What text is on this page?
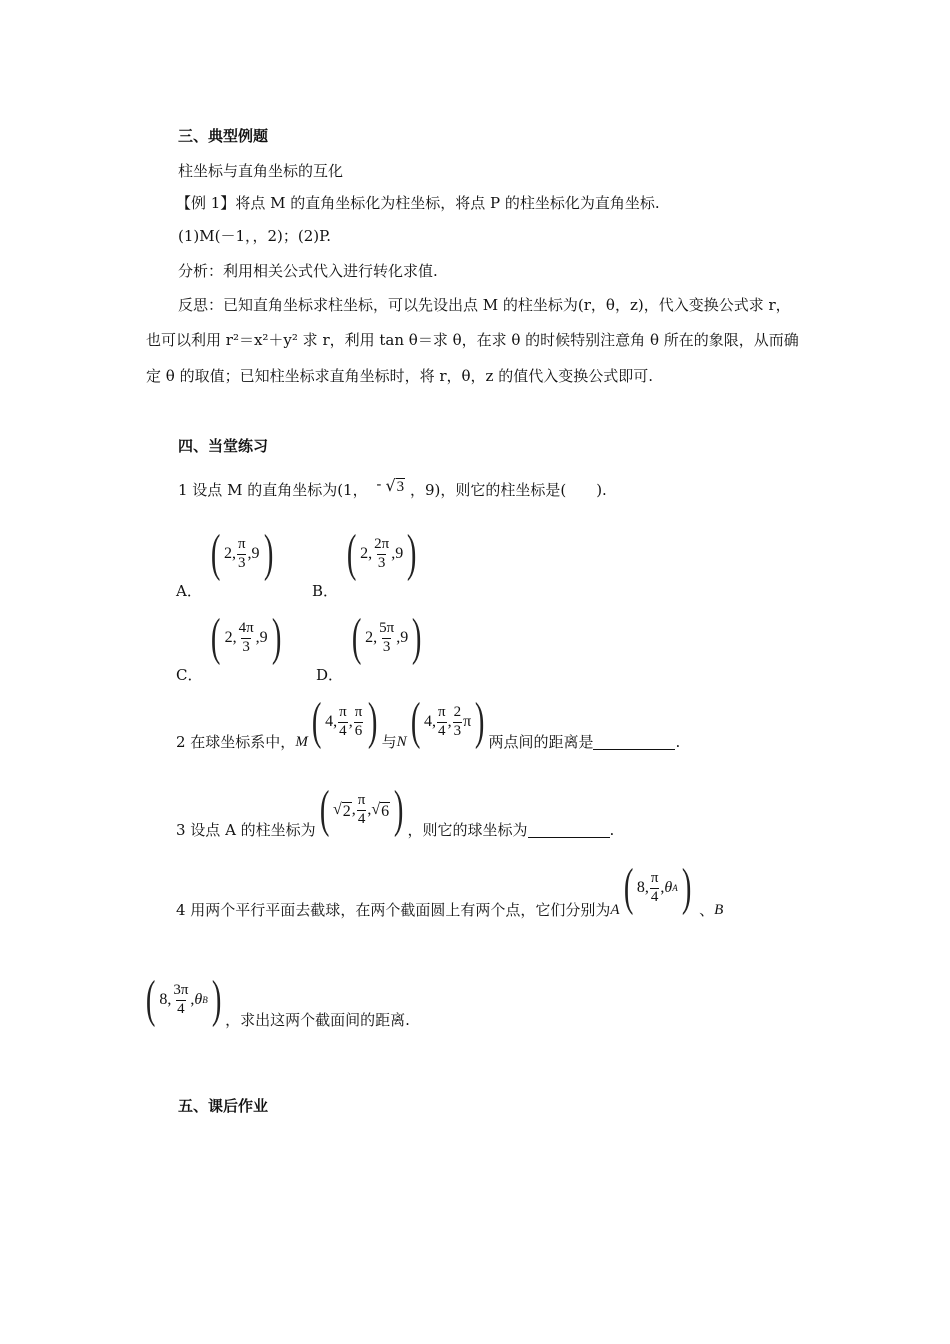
三、典型例题
柱坐标与直角坐标的互化
【例 1】将点 M 的直角坐标化为柱坐标，将点 P 的柱坐标化为直角坐标.
(1)M(－1，，2)；(2)P.
分析：利用相关公式代入进行转化求值.
反思：已知直角坐标求柱坐标，可以先设出点 M 的柱坐标为(r，θ，z)，代入变换公式求 r，
也可以利用 r²＝x²＋y² 求 r，利用 tan θ＝求 θ，在求 θ 的时候特别注意角 θ 所在的象限，从而确
定 θ 的取值；已知柱坐标求直角坐标时，将 r，θ，z 的值代入变换公式即可.
四、当堂练习
1 设点 M 的直角坐标为(1， - √ 3 ，9)，则它的柱坐标是(　　).
A．
( 2, $\frac{\pi}{3} ,9$ )
B．
( 2, $\frac{2\pi}{3} ,9$ )
C．
( 2, $\frac{4\pi}{3} ,9$ )
D．
( 2, $\frac{5\pi}{3} ,9$ )
2 在球坐标系中， M ( 4, $\frac{\pi}{4}$ , $\frac{\pi}{6}$ ) 与 N ( 4, $\frac{\pi}{4}$ , $\frac{2}{3}$ π ) 两点间的距离是	.
3 设点 A 的柱坐标为 ( √ 2 , $\frac{\pi}{4}$ , √ 6 ) ，则它的球坐标为	.
4 用两个平行平面去截球，在两个截面圆上有两个点，它们分别为 A ( 8, $\frac{\pi}{4}$ , θ A ) 、 B
( 8, $\frac{3\pi}{4}$ , θ B ) ，求出这两个截面间的距离.
五、课后作业
